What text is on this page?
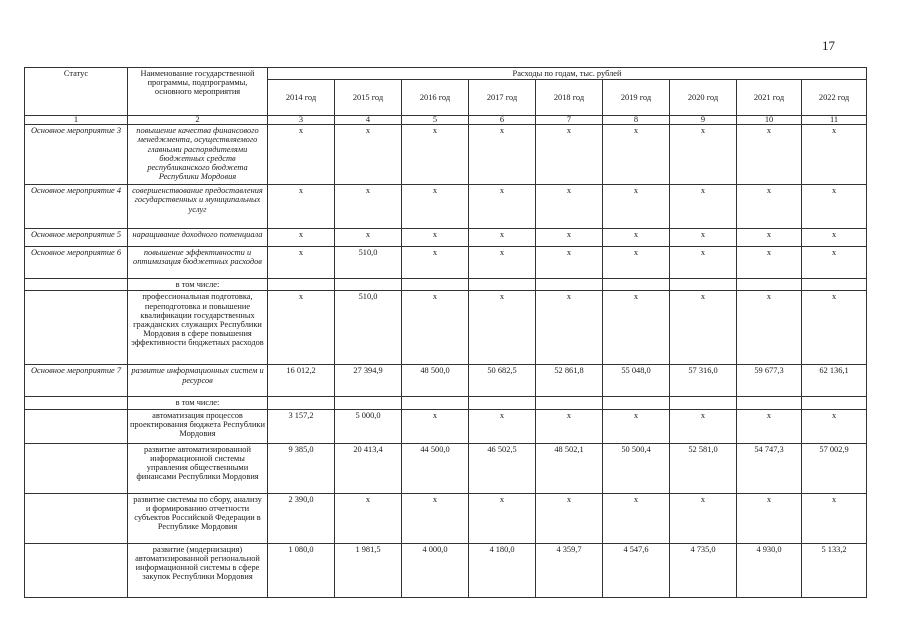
17
Статус	Наименование государственной программы, подпрограммы, основного мероприятия	Расходы по годам, тыс. рублей								
		2014 год	2015 год	2016 год	2017 год	2018 год	2019 год	2020 год	2021 год	2022 год
1	2	3	4	5	6	7	8	9	10	11
Основное мероприятие 3	повышение качества финансового менеджмента, осуществляемого главными распорядителями бюджетных средств республиканского бюджета Республики Мордовия	x	x	x	x	x	x	x	x	x
Основное мероприятие 4	совершенствование предоставления государственных и муниципальных услуг	x	x	x	x	x	x	x	x	x
Основное мероприятие 5	наращивание доходного потенциала	x	x	x	x	x	x	x	x	x
Основное мероприятие 6	повышение эффективности и оптимизация бюджетных расходов	x	510,0	x	x	x	x	x	x	x
	в том числе:									
	профессиональная подготовка, переподготовка и повышение квалификации государственных гражданских служащих Республики Мордовия в сфере повышения эффективности бюджетных расходов	x	510,0	x	x	x	x	x	x	x
Основное мероприятие 7	развитие информационных систем и ресурсов	16 012,2	27 394,9	48 500,0	50 682,5	52 861,8	55 048,0	57 316,0	59 677,3	62 136,1
	в том числе:									
	автоматизация процессов проектирования бюджета Республики Мордовия	3 157,2	5 000,0	x	x	x	x	x	x	x
	развитие автоматизированной информационной системы управления общественными финансами Республики Мордовия	9 385,0	20 413,4	44 500,0	46 502,5	48 502,1	50 500,4	52 581,0	54 747,3	57 002,9
	развитие системы по сбору, анализу и формированию отчетности субъектов Российской Федерации в Республике Мордовия	2 390,0	x	x	x	x	x	x	x	x
	развитие (модернизация) автоматизированной региональной информационной системы в сфере закупок Республики Мордовия	1 080,0	1 981,5	4 000,0	4 180,0	4 359,7	4 547,6	4 735,0	4 930,0	5 133,2
